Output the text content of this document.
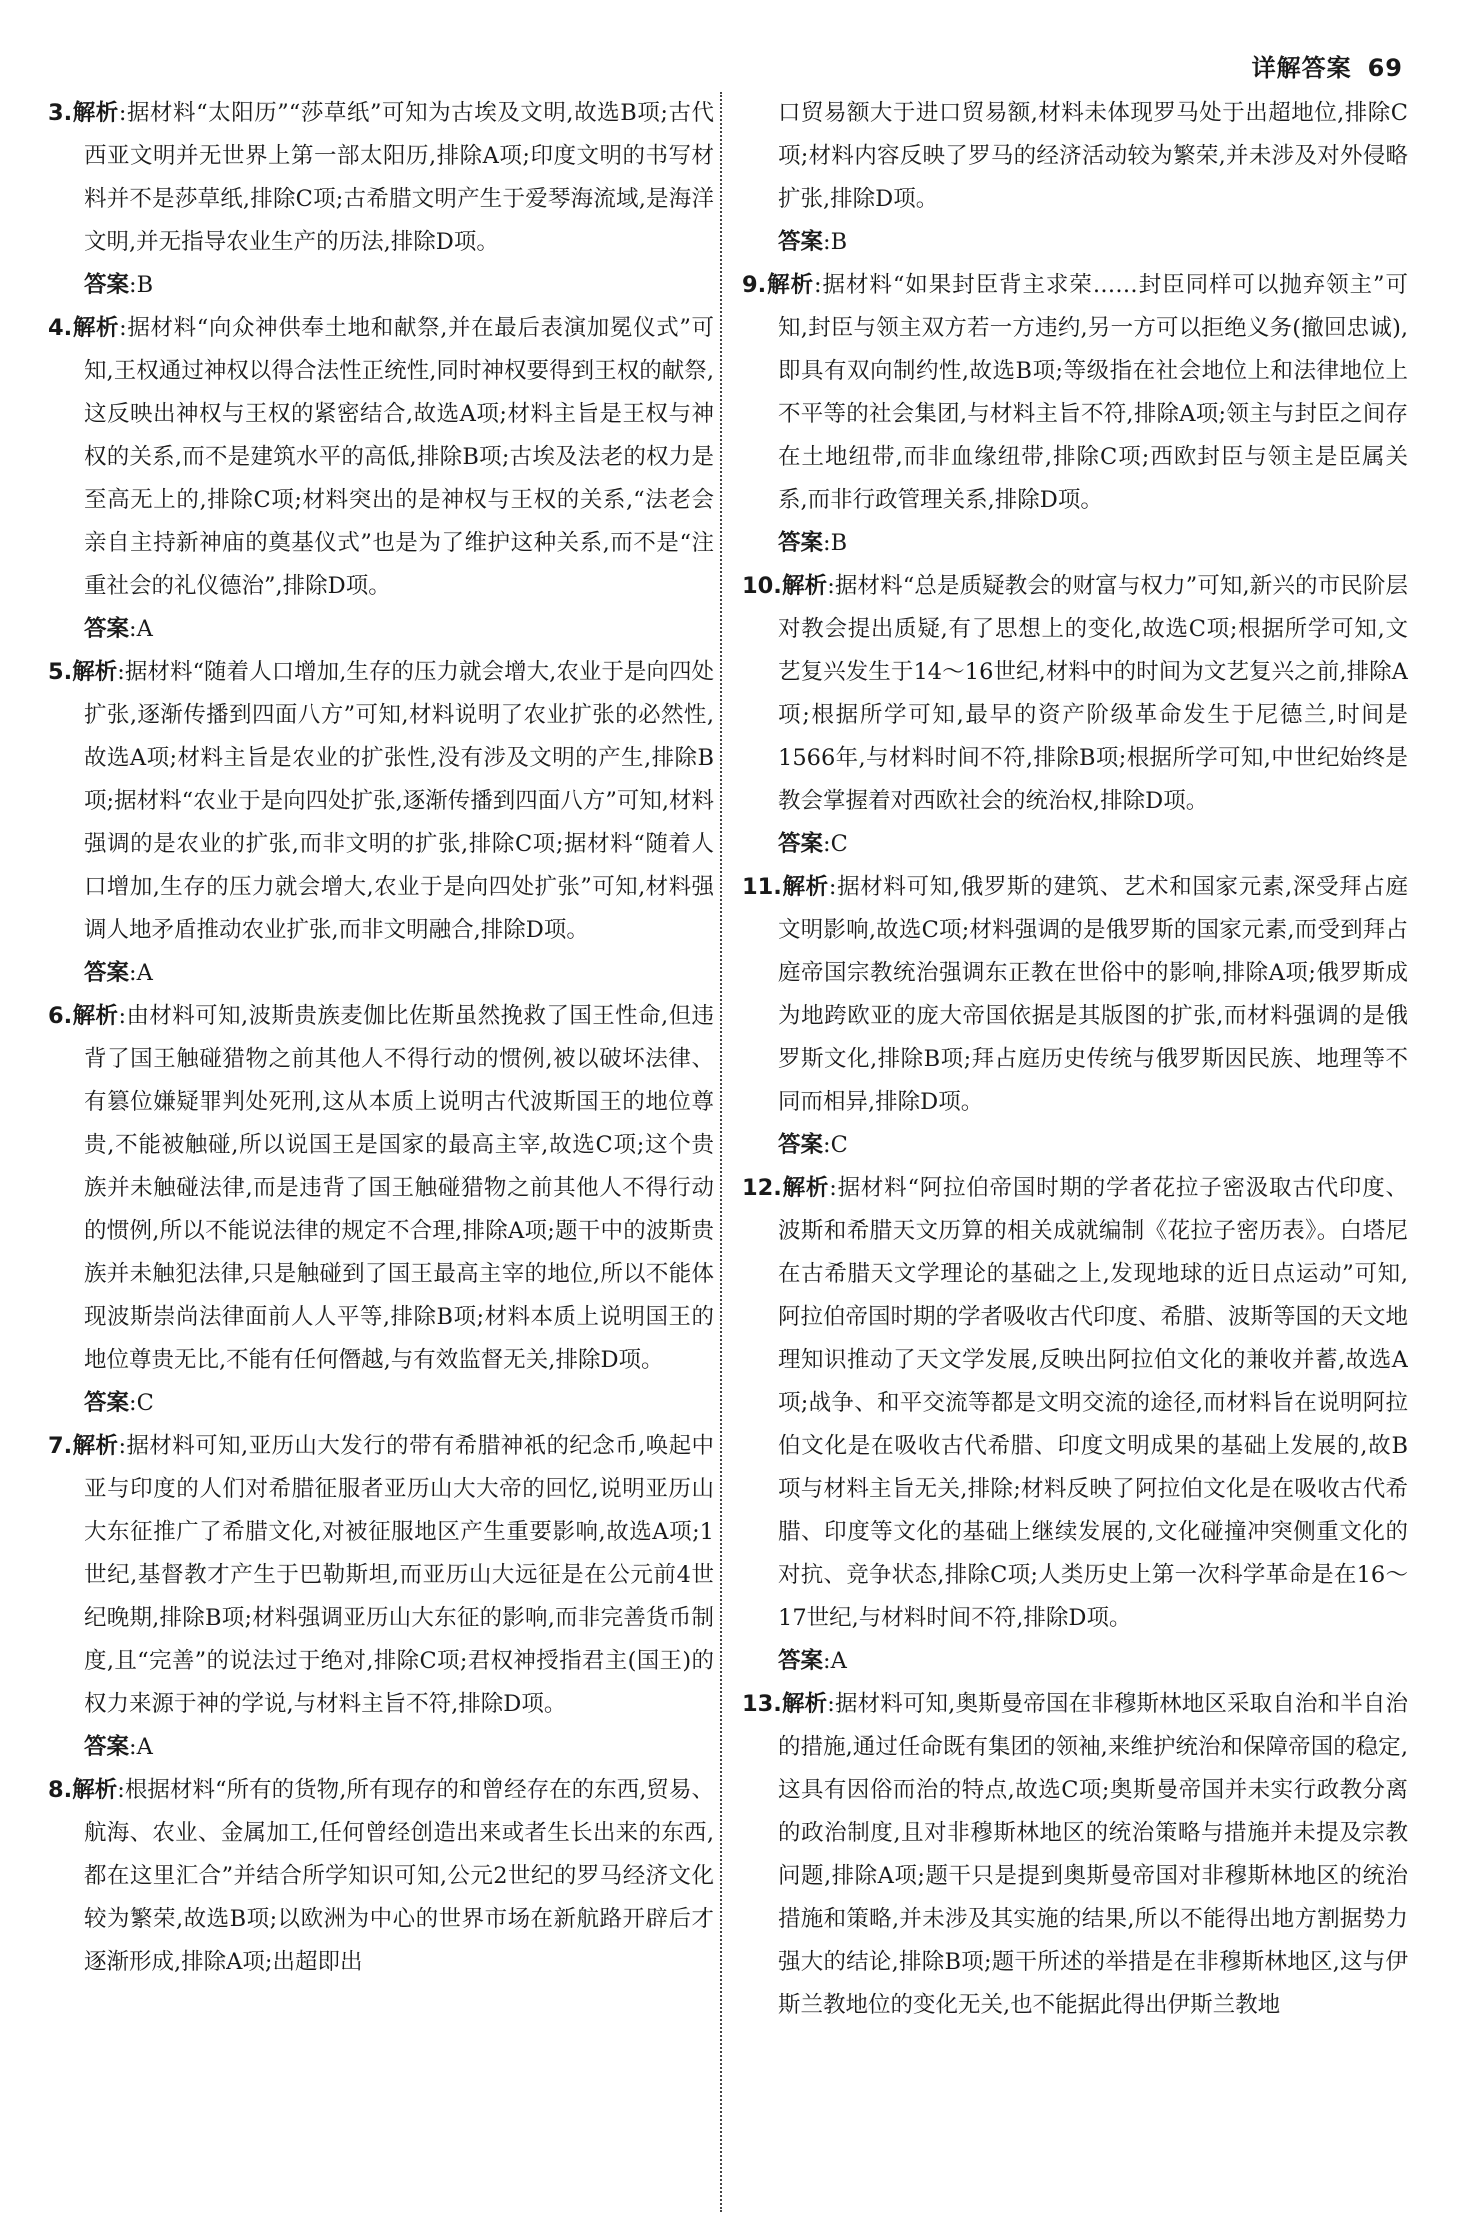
详解答案 69
3.解析:据材料“太阳历”“莎草纸”可知为古埃及文明,故选B项;古代西亚文明并无世界上第一部太阳历,排除A项;印度文明的书写材料并不是莎草纸,排除C项;古希腊文明产生于爱琴海流域,是海洋文明,并无指导农业生产的历法,排除D项。
答案:B
4.解析:据材料“向众神供奉土地和献祭,并在最后表演加冕仪式”可知,王权通过神权以得合法性正统性,同时神权要得到王权的献祭,这反映出神权与王权的紧密结合,故选A项;材料主旨是王权与神权的关系,而不是建筑水平的高低,排除B项;古埃及法老的权力是至高无上的,排除C项;材料突出的是神权与王权的关系,“法老会亲自主持新神庙的奠基仪式”也是为了维护这种关系,而不是“注重社会的礼仪德治”,排除D项。
答案:A
5.解析:据材料“随着人口增加,生存的压力就会增大,农业于是向四处扩张,逐渐传播到四面八方”可知,材料说明了农业扩张的必然性,故选A项;材料主旨是农业的扩张性,没有涉及文明的产生,排除B项;据材料“农业于是向四处扩张,逐渐传播到四面八方”可知,材料强调的是农业的扩张,而非文明的扩张,排除C项;据材料“随着人口增加,生存的压力就会增大,农业于是向四处扩张”可知,材料强调人地矛盾推动农业扩张,而非文明融合,排除D项。
答案:A
6.解析:由材料可知,波斯贵族麦伽比佐斯虽然挽救了国王性命,但违背了国王触碰猎物之前其他人不得行动的惯例,被以破坏法律、有篡位嫌疑罪判处死刑,这从本质上说明古代波斯国王的地位尊贵,不能被触碰,所以说国王是国家的最高主宰,故选C项;这个贵族并未触碰法律,而是违背了国王触碰猎物之前其他人不得行动的惯例,所以不能说法律的规定不合理,排除A项;题干中的波斯贵族并未触犯法律,只是触碰到了国王最高主宰的地位,所以不能体现波斯崇尚法律面前人人平等,排除B项;材料本质上说明国王的地位尊贵无比,不能有任何僭越,与有效监督无关,排除D项。
答案:C
7.解析:据材料可知,亚历山大发行的带有希腊神祇的纪念币,唤起中亚与印度的人们对希腊征服者亚历山大大帝的回忆,说明亚历山大东征推广了希腊文化,对被征服地区产生重要影响,故选A项;1世纪,基督教才产生于巴勒斯坦,而亚历山大远征是在公元前4世纪晚期,排除B项;材料强调亚历山大东征的影响,而非完善货币制度,且“完善”的说法过于绝对,排除C项;君权神授指君主(国王)的权力来源于神的学说,与材料主旨不符,排除D项。
答案:A
8.解析:根据材料“所有的货物,所有现存的和曾经存在的东西,贸易、航海、农业、金属加工,任何曾经创造出来或者生长出来的东西,都在这里汇合”并结合所学知识可知,公元2世纪的罗马经济文化较为繁荣,故选B项;以欧洲为中心的世界市场在新航路开辟后才逐渐形成,排除A项;出超即出
口贸易额大于进口贸易额,材料未体现罗马处于出超地位,排除C项;材料内容反映了罗马的经济活动较为繁荣,并未涉及对外侵略扩张,排除D项。
答案:B
9.解析:据材料“如果封臣背主求荣……封臣同样可以抛弃领主”可知,封臣与领主双方若一方违约,另一方可以拒绝义务(撤回忠诚),即具有双向制约性,故选B项;等级指在社会地位上和法律地位上不平等的社会集团,与材料主旨不符,排除A项;领主与封臣之间存在土地纽带,而非血缘纽带,排除C项;西欧封臣与领主是臣属关系,而非行政管理关系,排除D项。
答案:B
10.解析:据材料“总是质疑教会的财富与权力”可知,新兴的市民阶层对教会提出质疑,有了思想上的变化,故选C项;根据所学可知,文艺复兴发生于14～16世纪,材料中的时间为文艺复兴之前,排除A项;根据所学可知,最早的资产阶级革命发生于尼德兰,时间是1566年,与材料时间不符,排除B项;根据所学可知,中世纪始终是教会掌握着对西欧社会的统治权,排除D项。
答案:C
11.解析:据材料可知,俄罗斯的建筑、艺术和国家元素,深受拜占庭文明影响,故选C项;材料强调的是俄罗斯的国家元素,而受到拜占庭帝国宗教统治强调东正教在世俗中的影响,排除A项;俄罗斯成为地跨欧亚的庞大帝国依据是其版图的扩张,而材料强调的是俄罗斯文化,排除B项;拜占庭历史传统与俄罗斯因民族、地理等不同而相异,排除D项。
答案:C
12.解析:据材料“阿拉伯帝国时期的学者花拉子密汲取古代印度、波斯和希腊天文历算的相关成就编制《花拉子密历表》。白塔尼在古希腊天文学理论的基础之上,发现地球的近日点运动”可知,阿拉伯帝国时期的学者吸收古代印度、希腊、波斯等国的天文地理知识推动了天文学发展,反映出阿拉伯文化的兼收并蓄,故选A项;战争、和平交流等都是文明交流的途径,而材料旨在说明阿拉伯文化是在吸收古代希腊、印度文明成果的基础上发展的,故B项与材料主旨无关,排除;材料反映了阿拉伯文化是在吸收古代希腊、印度等文化的基础上继续发展的,文化碰撞冲突侧重文化的对抗、竞争状态,排除C项;人类历史上第一次科学革命是在16～17世纪,与材料时间不符,排除D项。
答案:A
13.解析:据材料可知,奥斯曼帝国在非穆斯林地区采取自治和半自治的措施,通过任命既有集团的领袖,来维护统治和保障帝国的稳定,这具有因俗而治的特点,故选C项;奥斯曼帝国并未实行政教分离的政治制度,且对非穆斯林地区的统治策略与措施并未提及宗教问题,排除A项;题干只是提到奥斯曼帝国对非穆斯林地区的统治措施和策略,并未涉及其实施的结果,所以不能得出地方割据势力强大的结论,排除B项;题干所述的举措是在非穆斯林地区,这与伊斯兰教地位的变化无关,也不能据此得出伊斯兰教地
